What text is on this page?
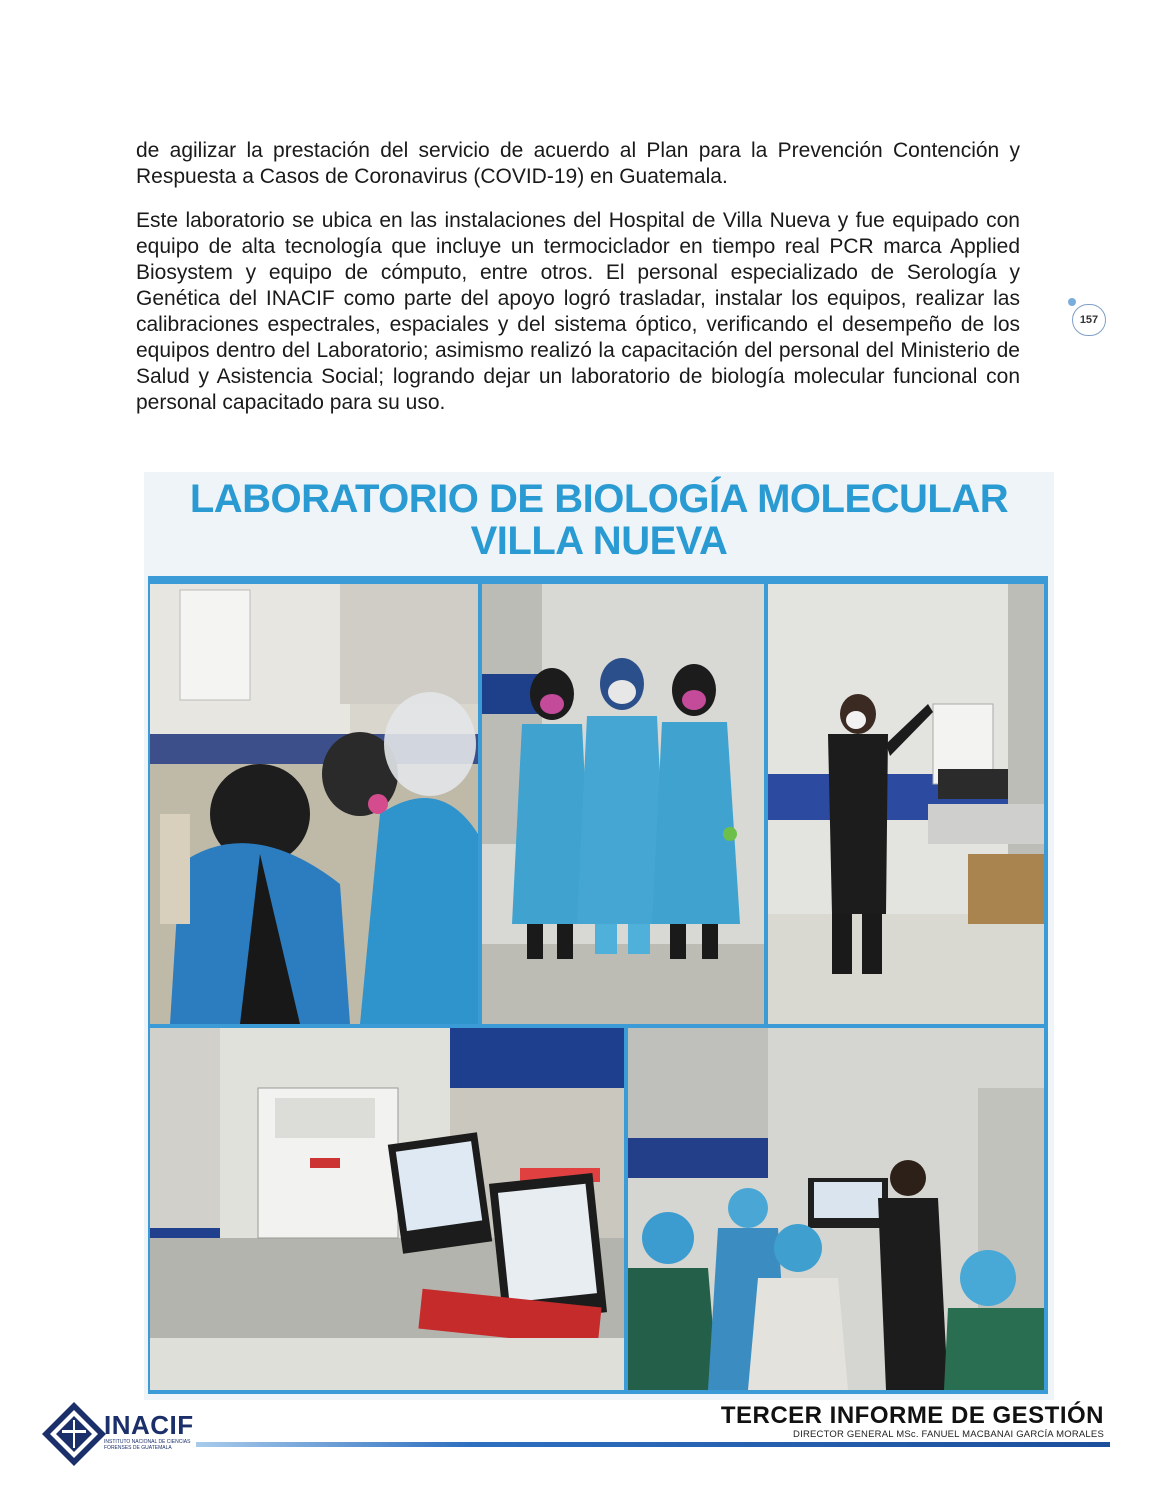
de agilizar la prestación del servicio de acuerdo al Plan para la Prevención Contención y Respuesta a Casos de Coronavirus (COVID-19) en Guatemala.

Este laboratorio se ubica en las instalaciones del Hospital de Villa Nueva y fue equipado con equipo de alta tecnología que incluye un termociclador en tiempo real PCR marca Applied Biosystem y equipo de cómputo, entre otros. El personal especializado de Serología y Genética del INACIF como parte del apoyo logró trasladar, instalar los equipos, realizar las calibraciones espectrales, espaciales y del sistema óptico, verificando el desempeño de los equipos dentro del Laboratorio; asimismo realizó la capacitación del personal del Ministerio de Salud y Asistencia Social; logrando dejar un laboratorio de biología molecular funcional con personal capacitado para su uso.

157
LABORATORIO DE BIOLOGÍA MOLECULAR
VILLA NUEVA
INACIF
INSTITUTO NACIONAL DE CIENCIAS FORENSES DE GUATEMALA
TERCER INFORME DE GESTIÓN
DIRECTOR GENERAL MSc. FANUEL MACBANAI GARCÍA MORALES
